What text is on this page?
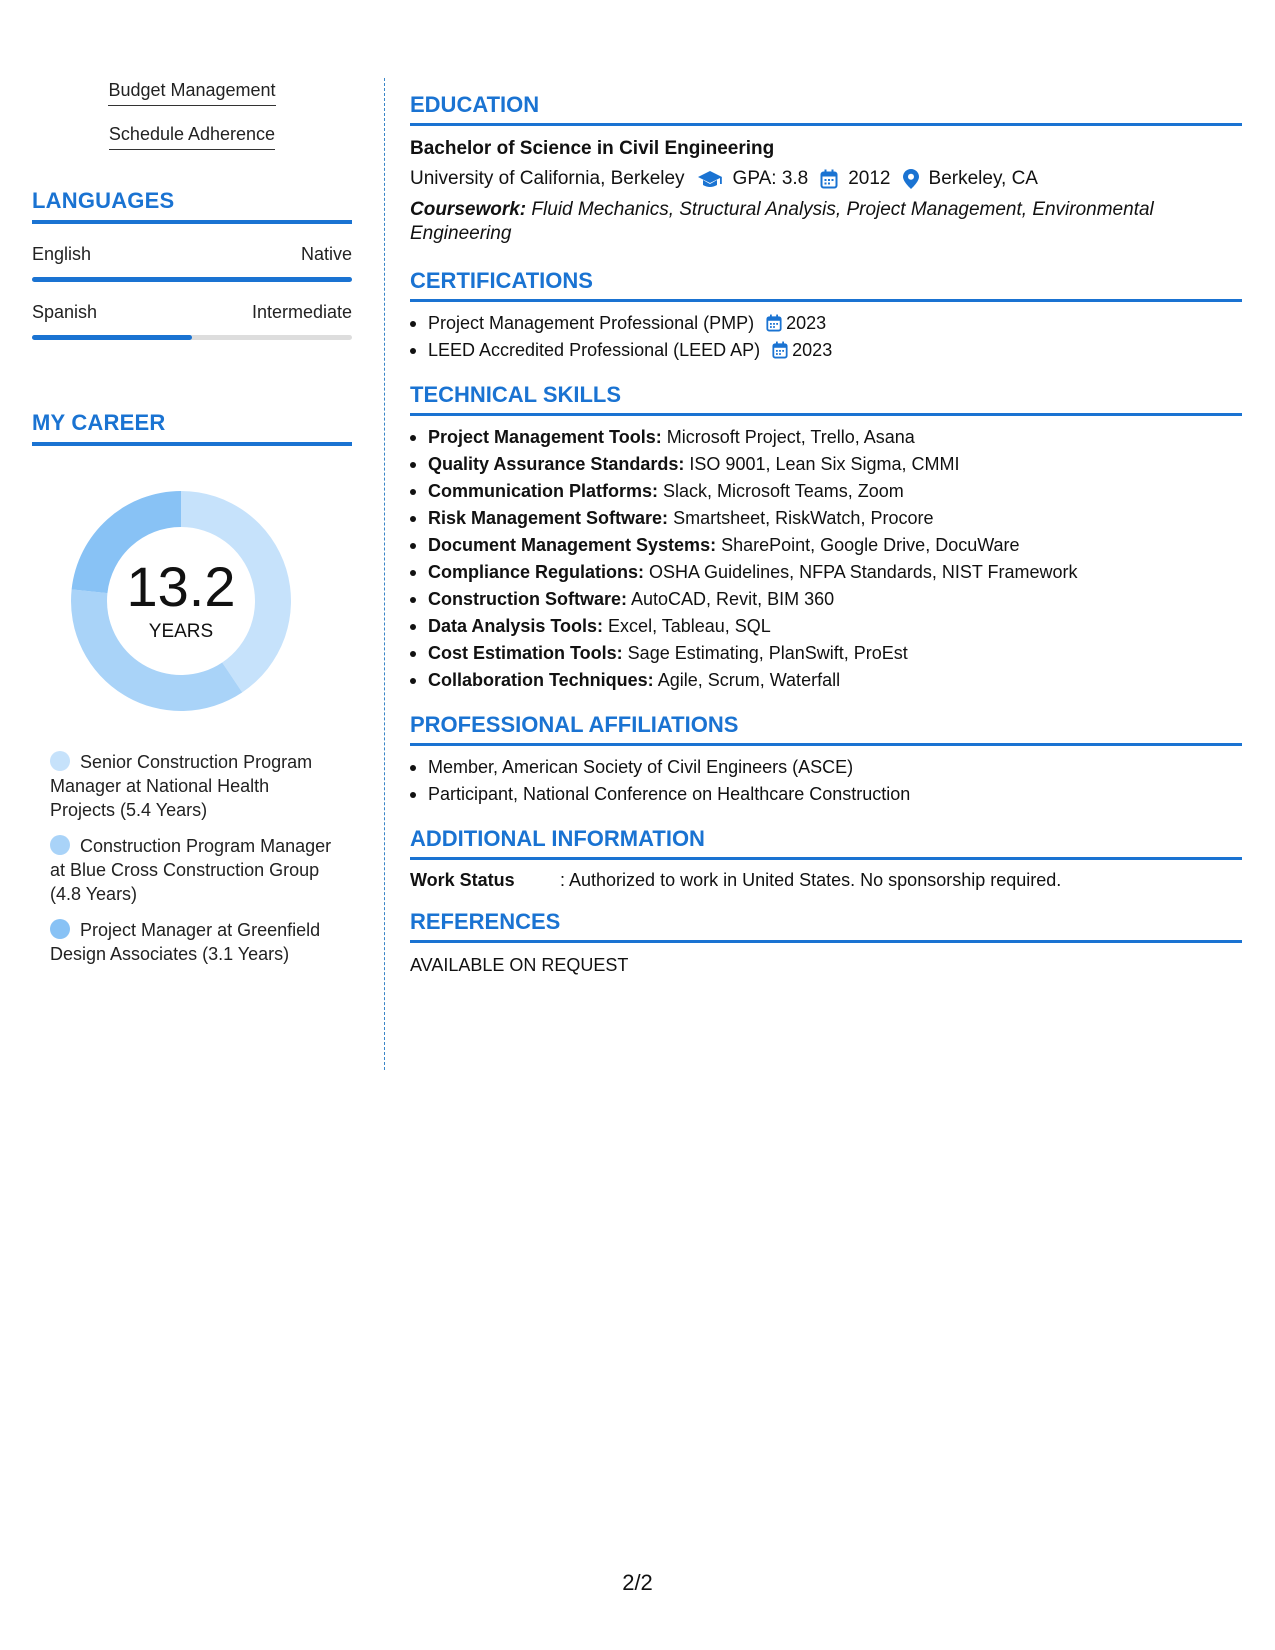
Budget Management
Schedule Adherence
LANGUAGES
English	Native
Spanish	Intermediate
MY CAREER
13.2
YEARS
Senior Construction Program Manager at National Health Projects (5.4 Years)
Construction Program Manager at Blue Cross Construction Group (4.8 Years)
Project Manager at Greenfield Design Associates (3.1 Years)
EDUCATION
Bachelor of Science in Civil Engineering
University of California, Berkeley	GPA: 3.8 2012 Berkeley, CA
Coursework: Fluid Mechanics, Structural Analysis, Project Management, Environmental Engineering
CERTIFICATIONS
Project Management Professional (PMP) 2023
LEED Accredited Professional (LEED AP) 2023
TECHNICAL SKILLS
Project Management Tools: Microsoft Project, Trello, Asana
Quality Assurance Standards: ISO 9001, Lean Six Sigma, CMMI
Communication Platforms: Slack, Microsoft Teams, Zoom
Risk Management Software: Smartsheet, RiskWatch, Procore
Document Management Systems: SharePoint, Google Drive, DocuWare
Compliance Regulations: OSHA Guidelines, NFPA Standards, NIST Framework
Construction Software: AutoCAD, Revit, BIM 360
Data Analysis Tools: Excel, Tableau, SQL
Cost Estimation Tools: Sage Estimating, PlanSwift, ProEst
Collaboration Techniques: Agile, Scrum, Waterfall
PROFESSIONAL AFFILIATIONS
Member, American Society of Civil Engineers (ASCE)
Participant, National Conference on Healthcare Construction
ADDITIONAL INFORMATION
Work Status	: Authorized to work in United States. No sponsorship required.
REFERENCES
AVAILABLE ON REQUEST
2/2
